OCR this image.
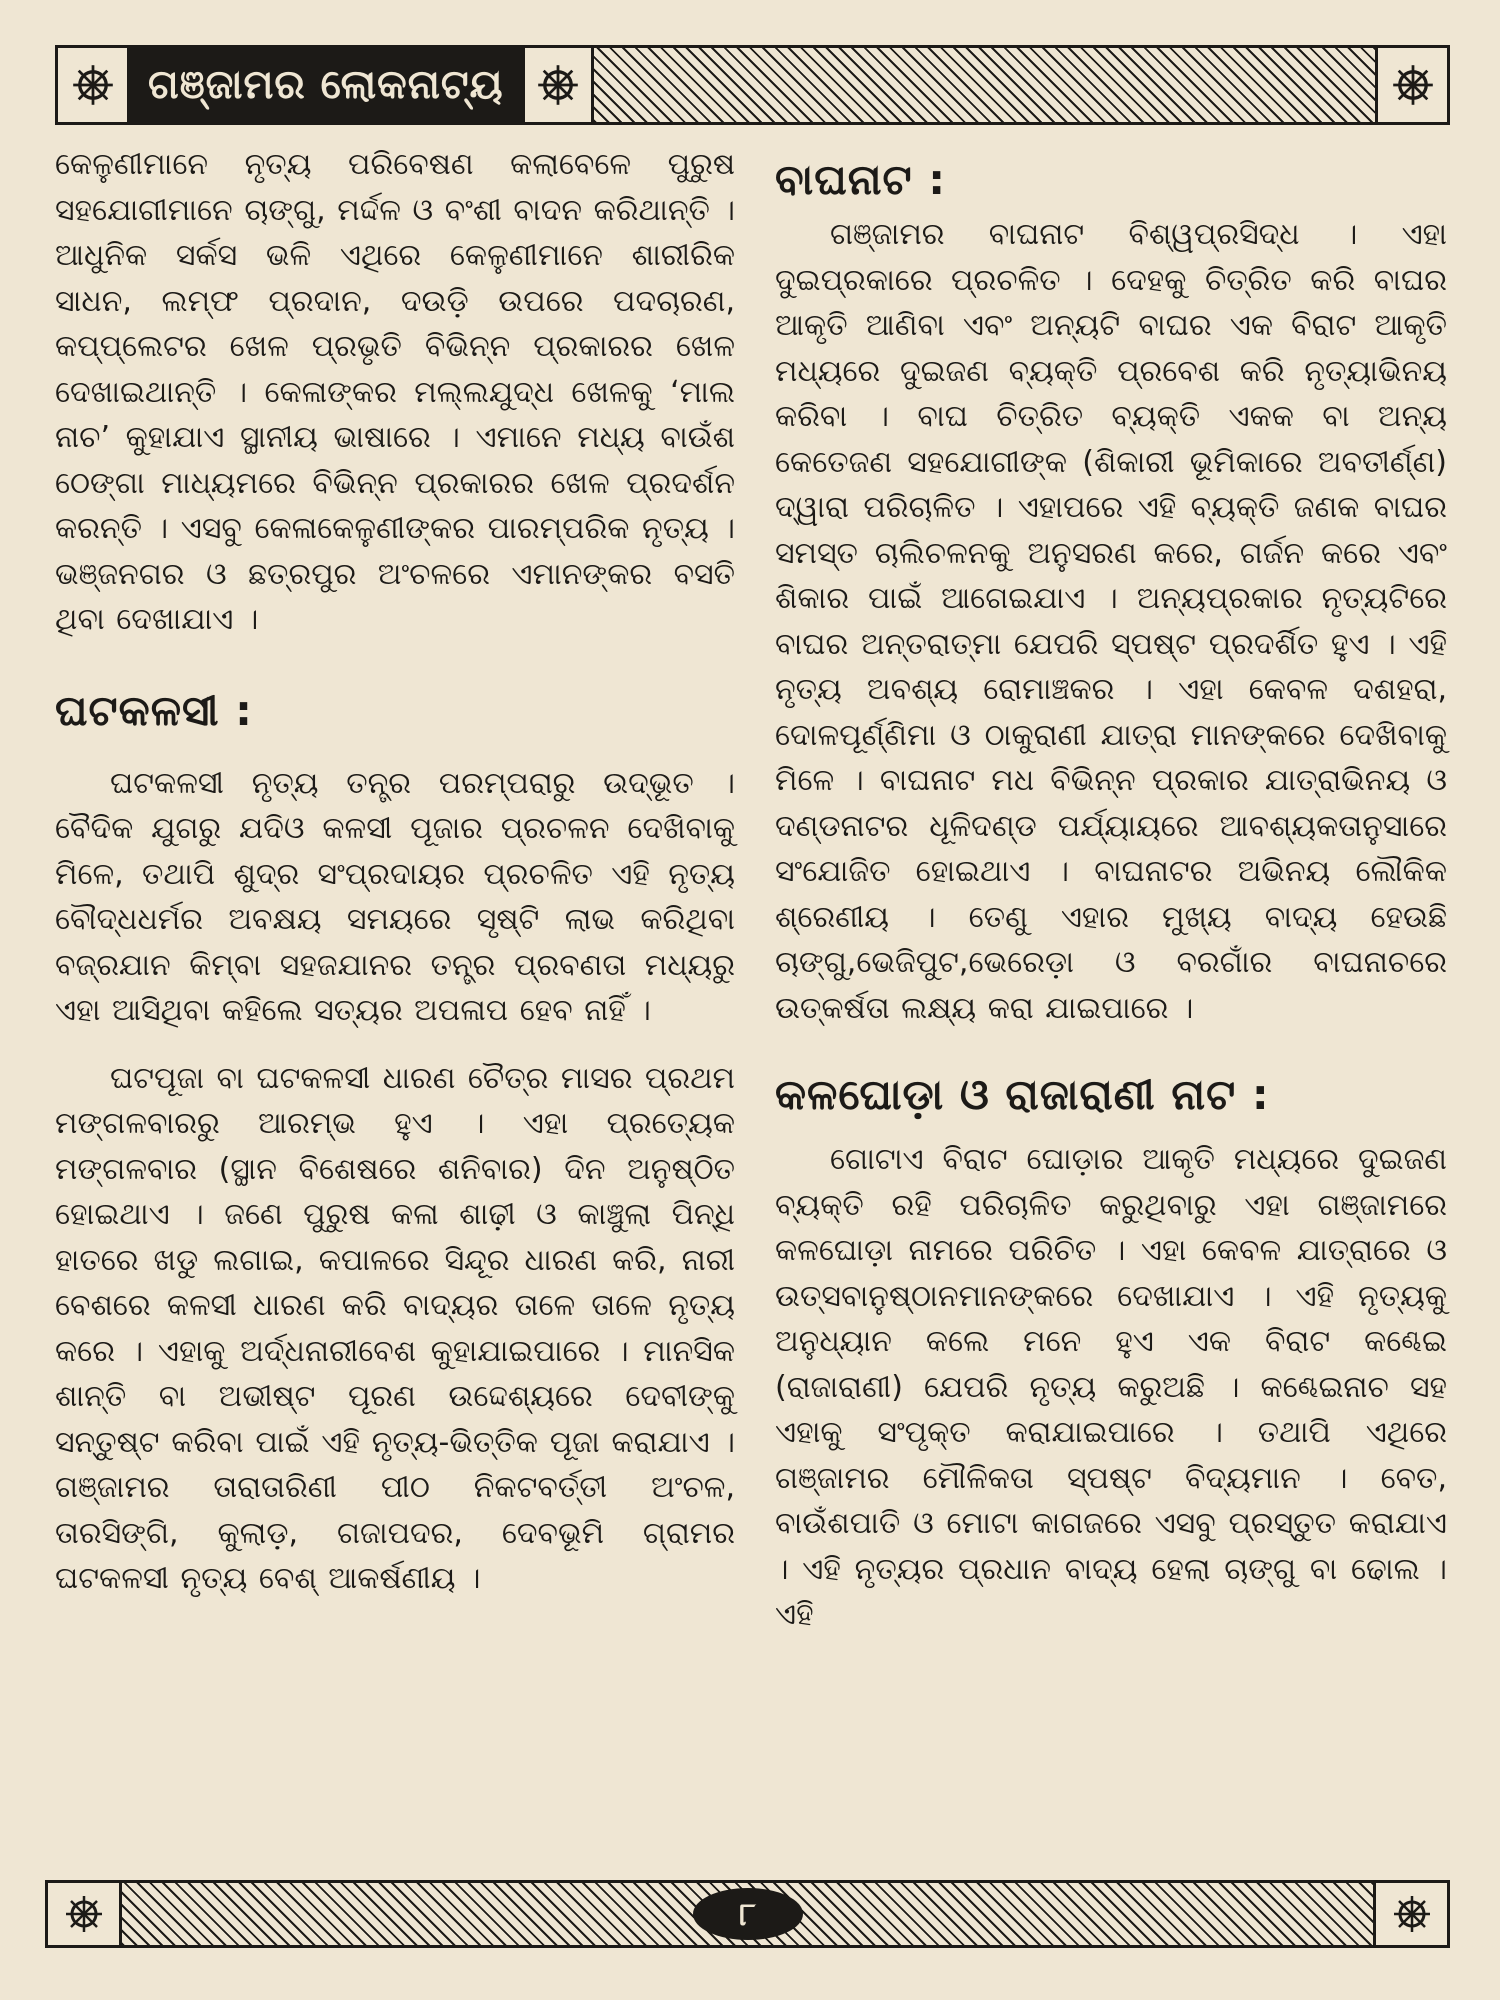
ଗଞ୍ଜାମର ଲୋକନାଟ୍ୟ

କେଳୁଣୀମାନେ ନୃତ୍ୟ ପରିବେଷଣ କଲାବେଳେ ପୁରୁଷ ସହଯୋଗୀମାନେ ଚାଙ୍ଗୁ, ମର୍ଦ୍ଦଳ ଓ ବଂଶୀ ବାଦନ କରିଥାନ୍ତି । ଆଧୁନିକ ସର୍କସ ଭଳି ଏଥିରେ କେଳୁଣୀମାନେ ଶାରୀରିକ ସାଧନ, ଲମ୍ଫ ପ୍ରଦାନ, ଦଉଡ଼ି ଉପରେ ପଦଚାରଣ, କପ୍‌ପ୍ଲେଟର ଖେଳ ପ୍ରଭୃତି ବିଭିନ୍ନ ପ୍ରକାରର ଖେଳ ଦେଖାଇଥାନ୍ତି । କେଳାଙ୍କର ମଲ୍ଲଯୁଦ୍ଧ ଖେଳକୁ ‘ମାଲ ନାଚ’ କୁହାଯାଏ ସ୍ଥାନୀୟ ଭାଷାରେ । ଏମାନେ ମଧ୍ୟ ବାଉଁଶ ଠେଙ୍ଗା ମାଧ୍ୟମରେ ବିଭିନ୍ନ ପ୍ରକାରର ଖେଳ ପ୍ରଦର୍ଶନ କରନ୍ତି । ଏସବୁ କେଳାକେଳୁଣୀଙ୍କର ପାରମ୍ପରିକ ନୃତ୍ୟ । ଭଞ୍ଜନଗର ଓ ଛତ୍ରପୁର ଅଂଚଳରେ ଏମାନଙ୍କର ବସତି ଥିବା ଦେଖାଯାଏ ।

ଘଟକଳସୀ :

ଘଟକଳସୀ ନୃତ୍ୟ ତନ୍ତ୍ର ପରମ୍ପରାରୁ ଉଦ୍‌ଭୂତ । ବୈଦିକ ଯୁଗରୁ ଯଦିଓ କଳସୀ ପୂଜାର ପ୍ରଚଳନ ଦେଖିବାକୁ ମିଳେ, ତଥାପି ଶୁଦ୍ର ସଂପ୍ରଦାୟର ପ୍ରଚଳିତ ଏହି ନୃତ୍ୟ ବୌଦ୍ଧଧର୍ମର ଅବକ୍ଷୟ ସମୟରେ ସୃଷ୍ଟି ଲାଭ କରିଥିବା ବଜ୍ରଯାନ କିମ୍ବା ସହଜଯାନର ତନ୍ତ୍ର ପ୍ରବଣତା ମଧ୍ୟରୁ ଏହା ଆସିଥିବା କହିଲେ ସତ୍ୟର ଅପଳାପ ହେବ ନାହିଁ ।

ଘଟପୂଜା ବା ଘଟକଳସୀ ଧାରଣ ଚୈତ୍ର ମାସର ପ୍ରଥମ ମଙ୍ଗଳବାରରୁ ଆରମ୍ଭ ହୁଏ । ଏହା ପ୍ରତ୍ୟେକ ମଙ୍ଗଳବାର (ସ୍ଥାନ ବିଶେଷରେ ଶନିବାର) ଦିନ ଅନୁଷ୍ଠିତ ହୋଇଥାଏ । ଜଣେ ପୁରୁଷ କଳା ଶାଢ଼ୀ ଓ କାଞ୍ଚୁଲା ପିନ୍ଧି ହାତରେ ଖଡୁ ଲଗାଇ, କପାଳରେ ସିନ୍ଦୂର ଧାରଣ କରି, ନାରୀ ବେଶରେ କଳସୀ ଧାରଣ କରି ବାଦ୍ୟର ତାଳେ ତାଳେ ନୃତ୍ୟ କରେ । ଏହାକୁ ଅର୍ଦ୍ଧନାରୀବେଶ କୁହାଯାଇପାରେ । ମାନସିକ ଶାନ୍ତି ବା ଅଭୀଷ୍ଟ ପୂରଣ ଉଦ୍ଦେଶ୍ୟରେ ଦେବୀଙ୍କୁ ସନ୍ତୁଷ୍ଟ କରିବା ପାଇଁ ଏହି ନୃତ୍ୟ-ଭିତ୍ତିକ ପୂଜା କରାଯାଏ । ଗଞ୍ଜାମର ତାରାତାରିଣୀ ପୀଠ ନିକଟବର୍ତ୍ତୀ ଅଂଚଳ, ତାରସିଙ୍ଗି, କୁଲାଡ଼, ଗଜାପଦର, ଦେବଭୂମି ଗ୍ରାମର ଘଟକଳସୀ ନୃତ୍ୟ ବେଶ୍ ଆକର୍ଷଣୀୟ ।

ବାଘନାଟ :

ଗଞ୍ଜାମର ବାଘନାଟ ବିଶ୍ୱପ୍ରସିଦ୍ଧ । ଏହା ଦୁଇପ୍ରକାରେ ପ୍ରଚଳିତ । ଦେହକୁ ଚିତ୍ରିତ କରି ବାଘର ଆକୃତି ଆଣିବା ଏବଂ ଅନ୍ୟଟି ବାଘର ଏକ ବିରାଟ ଆକୃତି ମଧ୍ୟରେ ଦୁଇଜଣ ବ୍ୟକ୍ତି ପ୍ରବେଶ କରି ନୃତ୍ୟାଭିନୟ କରିବା । ବାଘ ଚିତ୍ରିତ ବ୍ୟକ୍ତି ଏକକ ବା ଅନ୍ୟ କେତେଜଣ ସହଯୋଗୀଙ୍କ (ଶିକାରୀ ଭୂମିକାରେ ଅବତୀର୍ଣ୍ଣ) ଦ୍ୱାରା ପରିଚାଳିତ । ଏହାପରେ ଏହି ବ୍ୟକ୍ତି ଜଣକ ବାଘର ସମସ୍ତ ଚାଲିଚଳନକୁ ଅନୁସରଣ କରେ, ଗର୍ଜନ କରେ ଏବଂ ଶିକାର ପାଇଁ ଆଗେଇଯାଏ । ଅନ୍ୟପ୍ରକାର ନୃତ୍ୟଟିରେ ବାଘର ଅନ୍ତରାତ୍ମା ଯେପରି ସ୍ପଷ୍ଟ ପ୍ରଦର୍ଶିତ ହୁଏ । ଏହି ନୃତ୍ୟ ଅବଶ୍ୟ ରୋମାଞ୍ଚକର । ଏହା କେବଳ ଦଶହରା, ଦୋଳପୂର୍ଣ୍ଣିମା ଓ ଠାକୁରାଣୀ ଯାତ୍ରା ମାନଙ୍କରେ ଦେଖିବାକୁ ମିଳେ । ବାଘନାଟ ମଧ ବିଭିନ୍ନ ପ୍ରକାର ଯାତ୍ରାଭିନୟ ଓ ଦଣ୍ଡନାଟର ଧୂଳିଦଣ୍ଡ ପର୍ଯ୍ୟାୟରେ ଆବଶ୍ୟକତାନୁସାରେ ସଂଯୋଜିତ ହୋଇଥାଏ । ବାଘନାଟର ଅଭିନୟ ଲୌକିକ ଶ୍ରେଣୀୟ । ତେଣୁ ଏହାର ମୁଖ୍ୟ ବାଦ୍ୟ ହେଉଛି ଚାଙ୍ଗୁ,ଭେଜିପୁଟ,ଭେରେଡ଼ା ଓ ବରଗାଁର ବାଘନାଚରେ ଉତ୍କର୍ଷତା ଲକ୍ଷ୍ୟ କରା ଯାଇପାରେ ।

କଳଘୋଡ଼ା ଓ ରାଜାରାଣୀ ନାଟ :

ଗୋଟାଏ ବିରାଟ ଘୋଡ଼ାର ଆକୃତି ମଧ୍ୟରେ ଦୁଇଜଣ ବ୍ୟକ୍ତି ରହି ପରିଚାଳିତ କରୁଥିବାରୁ ଏହା ଗଞ୍ଜାମରେ କଳଘୋଡ଼ା ନାମରେ ପରିଚିତ । ଏହା କେବଳ ଯାତ୍ରାରେ ଓ ଉତ୍ସବାନୁଷ୍ଠାନମାନଙ୍କରେ ଦେଖାଯାଏ । ଏହି ନୃତ୍ୟକୁ ଅନୁଧ୍ୟାନ କଲେ ମନେ ହୁଏ ଏକ ବିରାଟ କଣ୍ଢେଇ (ରାଜାରାଣୀ) ଯେପରି ନୃତ୍ୟ କରୁଅଛି । କଣ୍ଢେଇନାଚ ସହ ଏହାକୁ ସଂପୃକ୍ତ କରାଯାଇପାରେ । ତଥାପି ଏଥିରେ ଗଞ୍ଜାମର ମୌଳିକତା ସ୍ପଷ୍ଟ ବିଦ୍ୟମାନ । ବେତ, ବାଉଁଶପାତି ଓ ମୋଟା କାଗଜରେ ଏସବୁ ପ୍ରସ୍ତୁତ କରାଯାଏ । ଏହି ନୃତ୍ୟର ପ୍ରଧାନ ବାଦ୍ୟ ହେଲା ଚାଙ୍ଗୁ ବା ଢୋଲ । ଏହି

୮
